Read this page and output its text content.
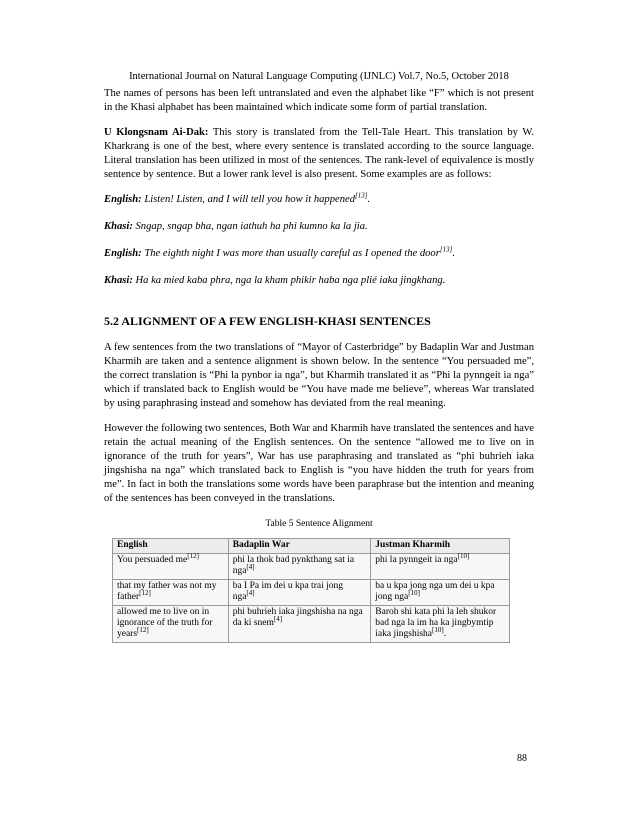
International Journal on Natural Language Computing (IJNLC) Vol.7, No.5, October 2018

The names of persons has been left untranslated and even the alphabet like “F” which is not present in the Khasi alphabet has been maintained which indicate some form of partial translation.

U Klongsnam Ai-Dak: This story is translated from the Tell-Tale Heart. This translation by W. Kharkrang is one of the best, where every sentence is translated according to the source language. Literal translation has been utilized in most of the sentences. The rank-level of equivalence is mostly sentence by sentence. But a lower rank level is also present. Some examples are as follows:

English: Listen! Listen, and I will tell you how it happened[13].

Khasi: Sngap, sngap bha, ngan iathuh ha phi kumno ka la jia.

English: The eighth night I was more than usually careful as I opened the door[13].

Khasi: Ha ka mied kaba phra, nga la kham phikir haba nga plié iaka jingkhang.

5.2 ALIGNMENT OF A FEW ENGLISH-KHASI SENTENCES

A few sentences from the two translations of “Mayor of Casterbridge” by Badaplin War and Justman Kharmih are taken and a sentence alignment is shown below. In the sentence “You persuaded me”, the correct translation is “Phi la pynbor ia nga”, but Kharmih translated it as “Phi la pynngeit ia nga” which if translated back to English would be “You have made me believe”, whereas War translated by using paraphrasing instead and somehow has deviated from the real meaning.

However the following two sentences, Both War and Kharmih have translated the sentences and have retain the actual meaning of the English sentences. On the sentence “allowed me to live on in ignorance of the truth for years”, War has use paraphrasing and translated as “phi buhrieh iaka jingshisha na nga” which translated back to English is “you have hidden the truth for years from me”. In fact in both the translations some words have been paraphrase but the intention and meaning of the sentences has been conveyed in the translations.

Table 5 Sentence Alignment
English	Badaplin War	Justman Kharmih
You persuaded me[12]	phi la thok bad pynkthang sat ia nga[4]	phi la pynngeit ia nga[10]
that my father was not my father[12]	ba I Pa im dei u kpa trai jong nga[4]	ba u kpa jong nga um dei u kpa jong nga[10]
allowed me to live on in ignorance of the truth for years[12]	phi buhrieh iaka jingshisha na nga da ki snem[4]	Baroh shi kata phi la leh shukor bad nga la im ha ka jingbymtip iaka jingshisha[10].
88
